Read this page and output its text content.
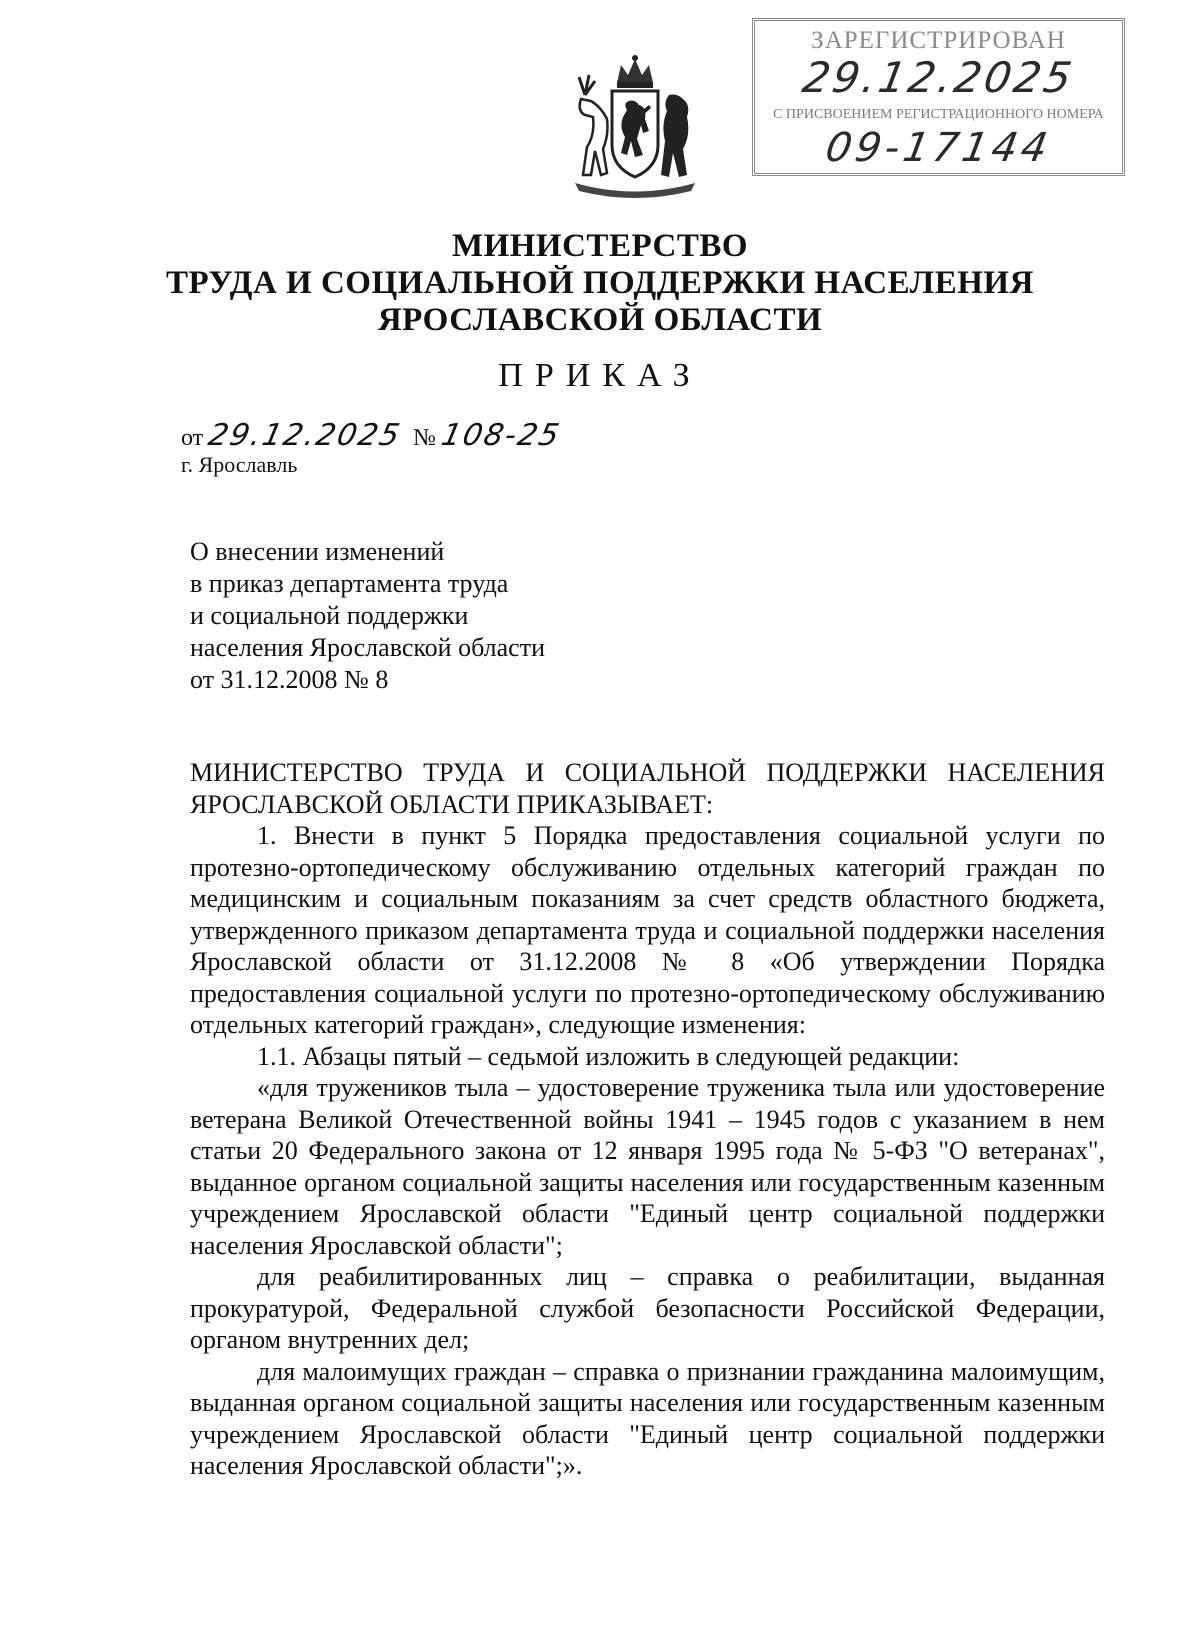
ЗАРЕГИСТРИРОВАН
29.12.2025
С ПРИСВОЕНИЕМ РЕГИСТРАЦИОННОГО НОМЕРА
09-17144
МИНИСТЕРСТВО
ТРУДА И СОЦИАЛЬНОЙ ПОДДЕРЖКИ НАСЕЛЕНИЯ
ЯРОСЛАВСКОЙ ОБЛАСТИ
ПРИКАЗ
от 29.12.2025 № 108-25
г. Ярославль
О внесении изменений
в приказ департамента труда
и социальной поддержки
населения Ярославской области
от 31.12.2008 № 8

МИНИСТЕРСТВО ТРУДА И СОЦИАЛЬНОЙ ПОДДЕРЖКИ НАСЕЛЕНИЯ ЯРОСЛАВСКОЙ ОБЛАСТИ ПРИКАЗЫВАЕТ:

1. Внести в пункт 5 Порядка предоставления социальной услуги по протезно-ортопедическому обслуживанию отдельных категорий граждан по медицинским и социальным показаниям за счет средств областного бюджета, утвержденного приказом департамента труда и социальной поддержки населения Ярославской области от 31.12.2008 № 8 «Об утверждении Порядка предоставления социальной услуги по протезно-ортопедическому обслуживанию отдельных категорий граждан», следующие изменения:

1.1. Абзацы пятый – седьмой изложить в следующей редакции:

«для тружеников тыла – удостоверение труженика тыла или удостоверение ветерана Великой Отечественной войны 1941 – 1945 годов с указанием в нем статьи 20 Федерального закона от 12 января 1995 года № 5-ФЗ "О ветеранах", выданное органом социальной защиты населения или государственным казенным учреждением Ярославской области "Единый центр социальной поддержки населения Ярославской области";

для реабилитированных лиц – справка о реабилитации, выданная прокуратурой, Федеральной службой безопасности Российской Федерации, органом внутренних дел;

для малоимущих граждан – справка о признании гражданина малоимущим, выданная органом социальной защиты населения или государственным казенным учреждением Ярославской области "Единый центр социальной поддержки населения Ярославской области";».
